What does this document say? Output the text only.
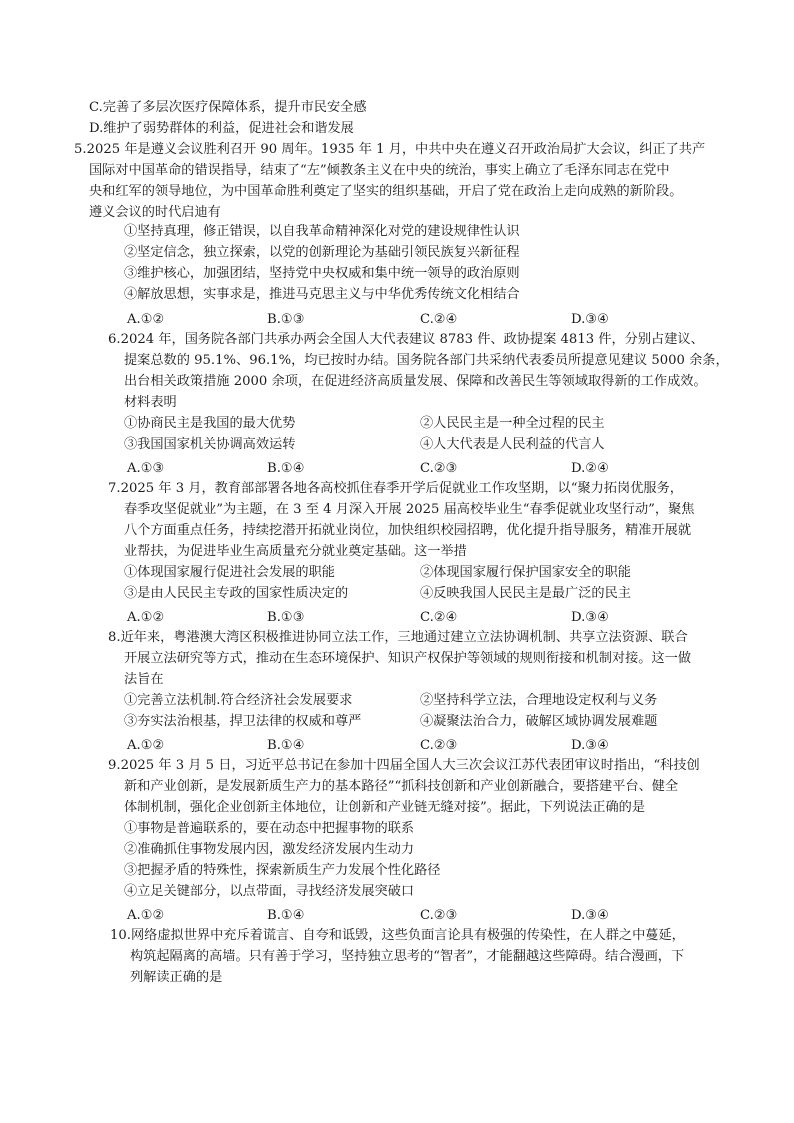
C.完善了多层次医疗保障体系，提升市民安全感
D.维护了弱势群体的利益，促进社会和谐发展
5.2025 年是遵义会议胜利召开 90 周年。1935 年 1 月，中共中央在遵义召开政治局扩大会议，纠正了共产
国际对中国革命的错误指导，结束了“左”倾教条主义在中央的统治，事实上确立了毛泽东同志在党中
央和红军的领导地位，为中国革命胜利奠定了坚实的组织基础，开启了党在政治上走向成熟的新阶段。
遵义会议的时代启迪有
①坚持真理，修正错误，以自我革命精神深化对党的建设规律性认识
②坚定信念，独立探索，以党的创新理论为基础引领民族复兴新征程
③维护核心，加强团结，坚持党中央权威和集中统一领导的政治原则
④解放思想，实事求是，推进马克思主义与中华优秀传统文化相结合
A.①②	B.①③	C.②④	D.③④
6.2024 年，国务院各部门共承办两会全国人大代表建议 8783 件、政协提案 4813 件，分别占建议、
提案总数的 95.1%、96.1%，均已按时办结。国务院各部门共采纳代表委员所提意见建议 5000 余条，
出台相关政策措施 2000 余项，在促进经济高质量发展、保障和改善民生等领域取得新的工作成效。
材料表明
①协商民主是我国的最大优势	②人民民主是一种全过程的民主
③我国国家机关协调高效运转	④人大代表是人民利益的代言人
A.①③	B.①④	C.②③	D.②④
7.2025 年 3 月，教育部部署各地各高校抓住春季开学后促就业工作攻坚期，以“聚力拓岗优服务，
春季攻坚促就业”为主题，在 3 至 4 月深入开展 2025 届高校毕业生“春季促就业攻坚行动”，聚焦
八个方面重点任务，持续挖潜开拓就业岗位，加快组织校园招聘，优化提升指导服务，精准开展就
业帮扶，为促进毕业生高质量充分就业奠定基础。这一举措
①体现国家履行促进社会发展的职能	②体现国家履行保护国家安全的职能
③是由人民民主专政的国家性质决定的	④反映我国人民民主是最广泛的民主
A.①②	B.①③	C.②④	D.③④
8.近年来，粤港澳大湾区积极推进协同立法工作，三地通过建立立法协调机制、共享立法资源、联合
开展立法研究等方式，推动在生态环境保护、知识产权保护等领域的规则衔接和机制对接。这一做
法旨在
①完善立法机制.符合经济社会发展要求	②坚持科学立法，合理地设定权利与义务
③夯实法治根基，捍卫法律的权威和尊严	④凝聚法治合力，破解区域协调发展难题
A.①②	B.①④	C.②③	D.③④
9.2025 年 3 月 5 日，习近平总书记在参加十四届全国人大三次会议江苏代表团审议时指出，“科技创
新和产业创新，是发展新质生产力的基本路径”“抓科技创新和产业创新融合，要搭建平台、健全
体制机制，强化企业创新主体地位，让创新和产业链无缝对接”。据此，下列说法正确的是
①事物是普遍联系的，要在动态中把握事物的联系
②准确抓住事物发展内因，激发经济发展内生动力
③把握矛盾的特殊性，探索新质生产力发展个性化路径
④立足关键部分，以点带面，寻找经济发展突破口
A.①②	B.①④	C.②③	D.③④
10.网络虚拟世界中充斥着谎言、自夸和诋毁，这些负面言论具有极强的传染性，在人群之中蔓延，
构筑起隔离的高墙。只有善于学习，坚持独立思考的“智者”，才能翻越这些障碍。结合漫画，下
列解读正确的是
